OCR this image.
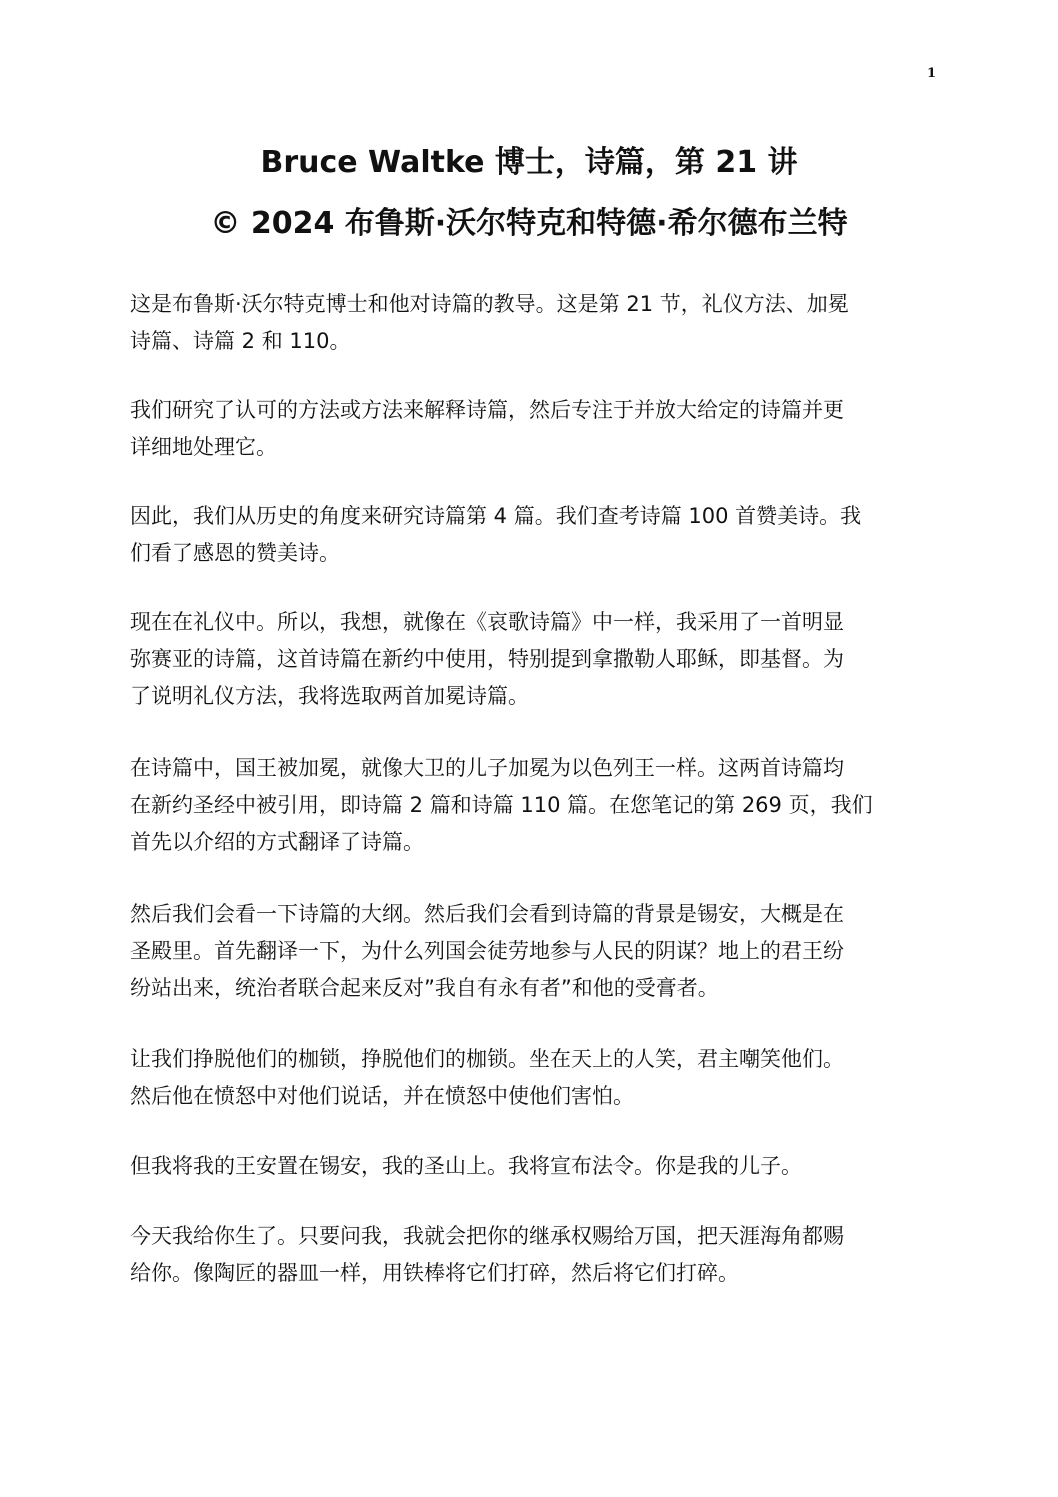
1
Bruce Waltke 博士，诗篇，第 21 讲
© 2024 布鲁斯·沃尔特克和特德·希尔德布兰特
这是布鲁斯·沃尔特克博士和他对诗篇的教导。这是第 21 节，礼仪方法、加冕
诗篇、诗篇 2 和 110。
我们研究了认可的方法或方法来解释诗篇，然后专注于并放大给定的诗篇并更
详细地处理它。
因此，我们从历史的角度来研究诗篇第 4 篇。我们查考诗篇 100 首赞美诗。我
们看了感恩的赞美诗。
现在在礼仪中。所以，我想，就像在《哀歌诗篇》中一样，我采用了一首明显
弥赛亚的诗篇，这首诗篇在新约中使用，特别提到拿撒勒人耶稣，即基督。为
了说明礼仪方法，我将选取两首加冕诗篇。
在诗篇中，国王被加冕，就像大卫的儿子加冕为以色列王一样。这两首诗篇均
在新约圣经中被引用，即诗篇 2 篇和诗篇 110 篇。在您笔记的第 269 页，我们
首先以介绍的方式翻译了诗篇。
然后我们会看一下诗篇的大纲。然后我们会看到诗篇的背景是锡安，大概是在
圣殿里。首先翻译一下，为什么列国会徒劳地参与人民的阴谋？地上的君王纷
纷站出来，统治者联合起来反对”我自有永有者”和他的受膏者。
让我们挣脱他们的枷锁，挣脱他们的枷锁。坐在天上的人笑，君主嘲笑他们。
然后他在愤怒中对他们说话，并在愤怒中使他们害怕。
但我将我的王安置在锡安，我的圣山上。我将宣布法令。你是我的儿子。
今天我给你生了。只要问我，我就会把你的继承权赐给万国，把天涯海角都赐
给你。像陶匠的器皿一样，用铁棒将它们打碎，然后将它们打碎。
